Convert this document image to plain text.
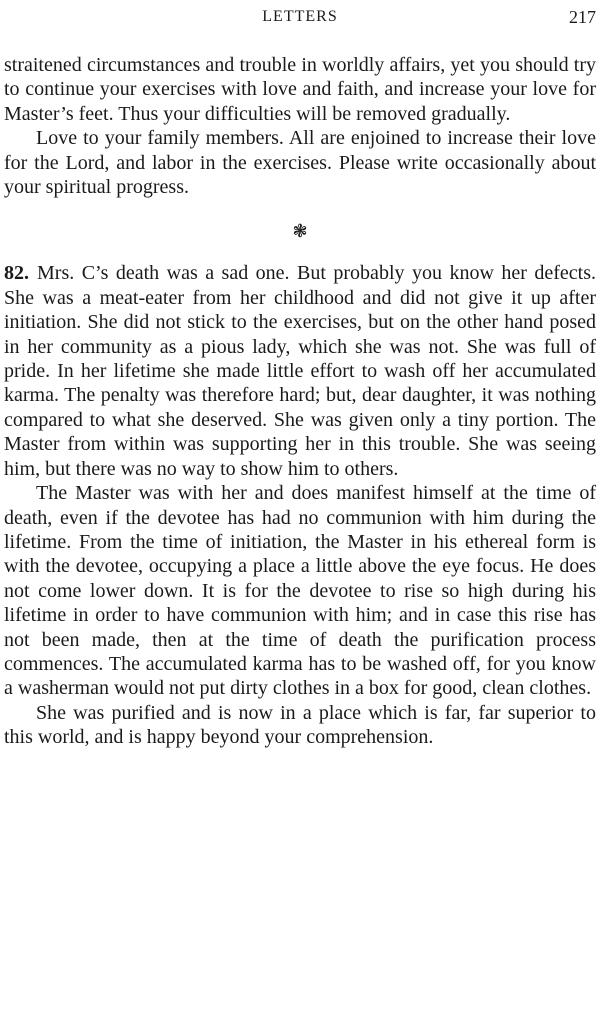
LETTERS	217

straitened circumstances and trouble in worldly affairs, yet you should try to continue your exercises with love and faith, and increase your love for Master’s feet. Thus your difficulties will be removed gradually.

Love to your family members. All are enjoined to increase their love for the Lord, and labor in the exercises. Please write occasionally about your spiritual progress.

❃

82. Mrs. C’s death was a sad one. But probably you know her defects. She was a meat-eater from her childhood and did not give it up after initiation. She did not stick to the exercises, but on the other hand posed in her community as a pious lady, which she was not. She was full of pride. In her lifetime she made little effort to wash off her accumulated karma. The penalty was therefore hard; but, dear daughter, it was nothing compared to what she deserved. She was given only a tiny portion. The Master from within was supporting her in this trouble. She was seeing him, but there was no way to show him to others.

The Master was with her and does manifest himself at the time of death, even if the devotee has had no communion with him during the lifetime. From the time of initiation, the Master in his ethereal form is with the devotee, occupying a place a little above the eye focus. He does not come lower down. It is for the devotee to rise so high during his lifetime in order to have communion with him; and in case this rise has not been made, then at the time of death the purification process commences. The accumulated karma has to be washed off, for you know a washerman would not put dirty clothes in a box for good, clean clothes.

She was purified and is now in a place which is far, far superior to this world, and is happy beyond your comprehension.
